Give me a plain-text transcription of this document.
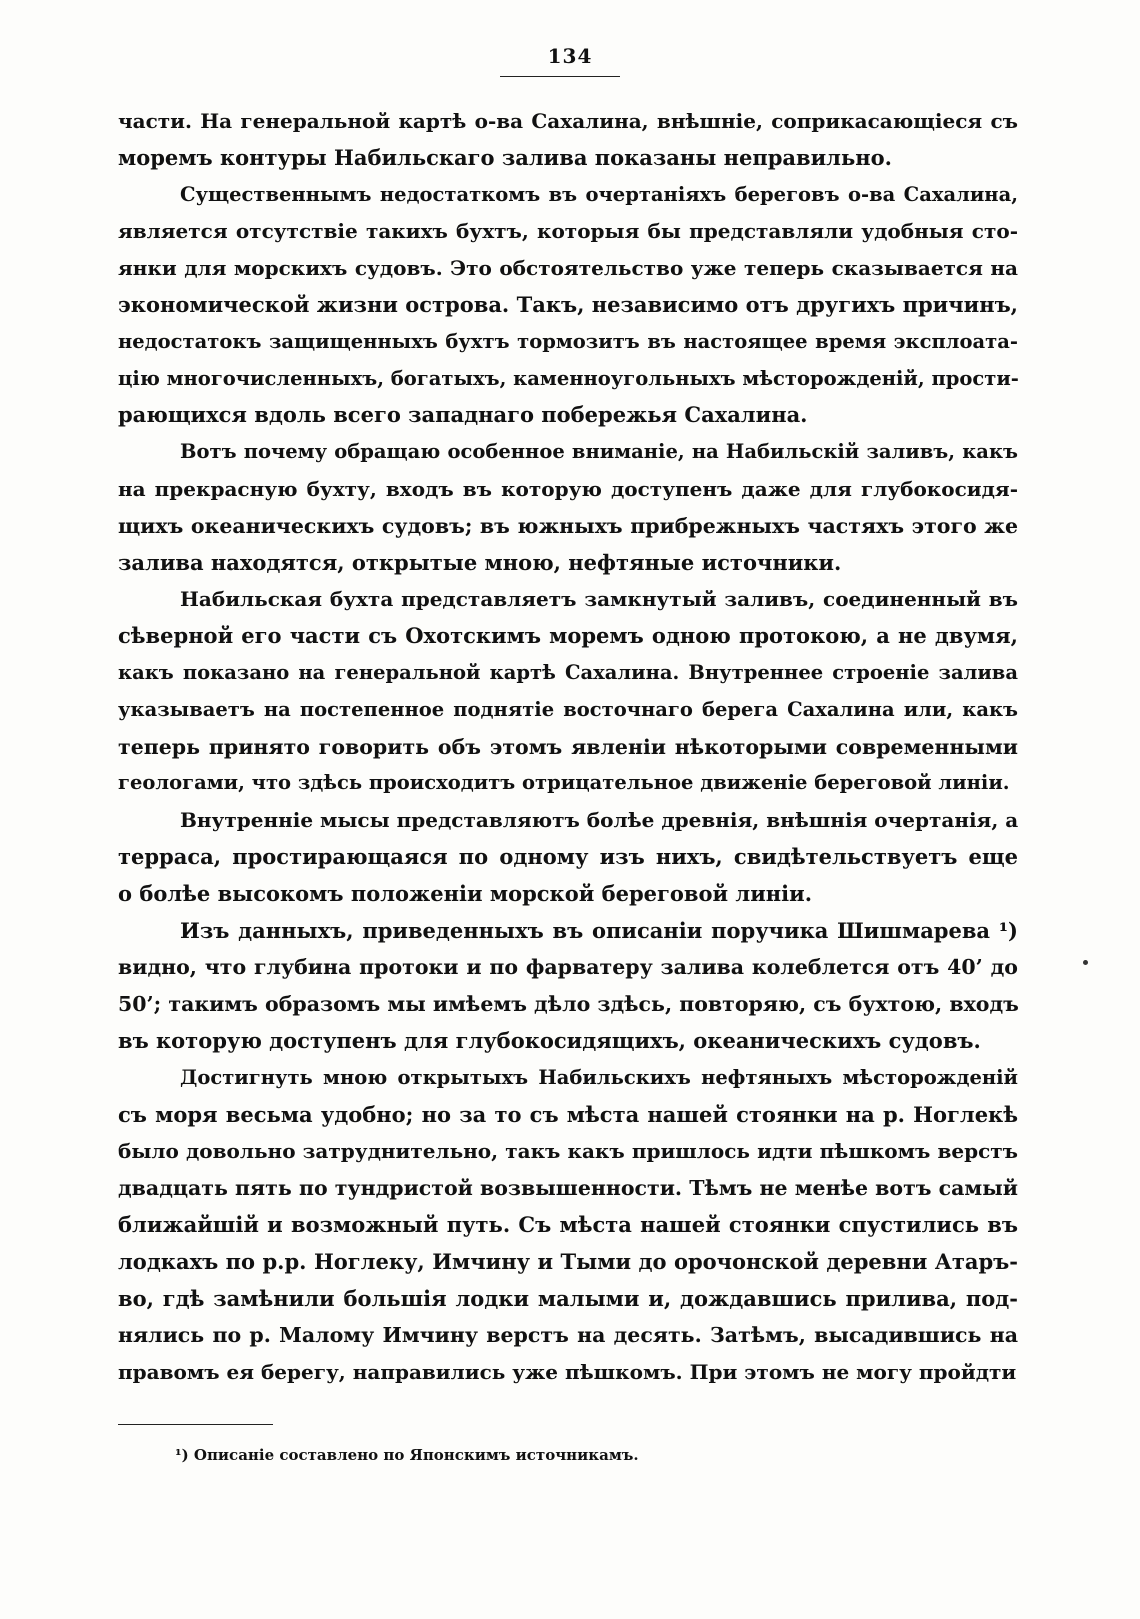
134
части. На генеральной картѣ о-ва Сахалина, внѣшніе, соприкасающіеся съ
моремъ контуры Набильскаго залива показаны неправильно.
Существеннымъ недостаткомъ въ очертаніяхъ береговъ о-ва Сахалина,
является отсутствіе такихъ бухтъ, которыя бы представляли удобныя сто-
янки для морскихъ судовъ. Это обстоятельство уже теперь сказывается на
экономической жизни острова. Такъ, независимо отъ другихъ причинъ,
недостатокъ защищенныхъ бухтъ тормозитъ въ настоящее время эксплоата-
цію многочисленныхъ, богатыхъ, каменноугольныхъ мѣсторожденій, прости-
рающихся вдоль всего западнаго побережья Сахалина.
Вотъ почему обращаю особенное вниманіе, на Набильскій заливъ, какъ
на прекрасную бухту, входъ въ которую доступенъ даже для глубокосидя-
щихъ океаническихъ судовъ; въ южныхъ прибрежныхъ частяхъ этого же
залива находятся, открытые мною, нефтяные источники.
Набильская бухта представляетъ замкнутый заливъ, соединенный въ
сѣверной его части съ Охотскимъ моремъ одною протокою, а не двумя,
какъ показано на генеральной картѣ Сахалина. Внутреннее строеніе залива
указываетъ на постепенное поднятіе восточнаго берега Сахалина или, какъ
теперь принято говорить объ этомъ явленіи нѣкоторыми современными
геологами, что здѣсь происходитъ отрицательное движеніе береговой линіи.
Внутренніе мысы представляютъ болѣе древнія, внѣшнія очертанія, а
терраса, простирающаяся по одному изъ нихъ, свидѣтельствуетъ еще
о болѣе высокомъ положеніи морской береговой линіи.
Изъ данныхъ, приведенныхъ въ описаніи поручика Шишмарева ¹)
видно, что глубина протоки и по фарватеру залива колеблется отъ 40’ до
50’; такимъ образомъ мы имѣемъ дѣло здѣсь, повторяю, съ бухтою, входъ
въ которую доступенъ для глубокосидящихъ, океаническихъ судовъ.
Достигнуть мною открытыхъ Набильскихъ нефтяныхъ мѣсторожденій
съ моря весьма удобно; но за то съ мѣста нашей стоянки на р. Ноглекѣ
было довольно затруднительно, такъ какъ пришлось идти пѣшкомъ верстъ
двадцать пять по тундристой возвышенности. Тѣмъ не менѣе вотъ самый
ближайшій и возможный путь. Съ мѣста нашей стоянки спустились въ
лодкахъ по р.р. Ноглеку, Имчину и Тыми до орочонской деревни Атаръ-
во, гдѣ замѣнили большія лодки малыми и, дождавшись прилива, под-
нялись по р. Малому Имчину верстъ на десять. Затѣмъ, высадившись на
правомъ ея берегу, направились уже пѣшкомъ. При этомъ не могу пройдти
¹) Описаніе составлено по Японскимъ источникамъ.
